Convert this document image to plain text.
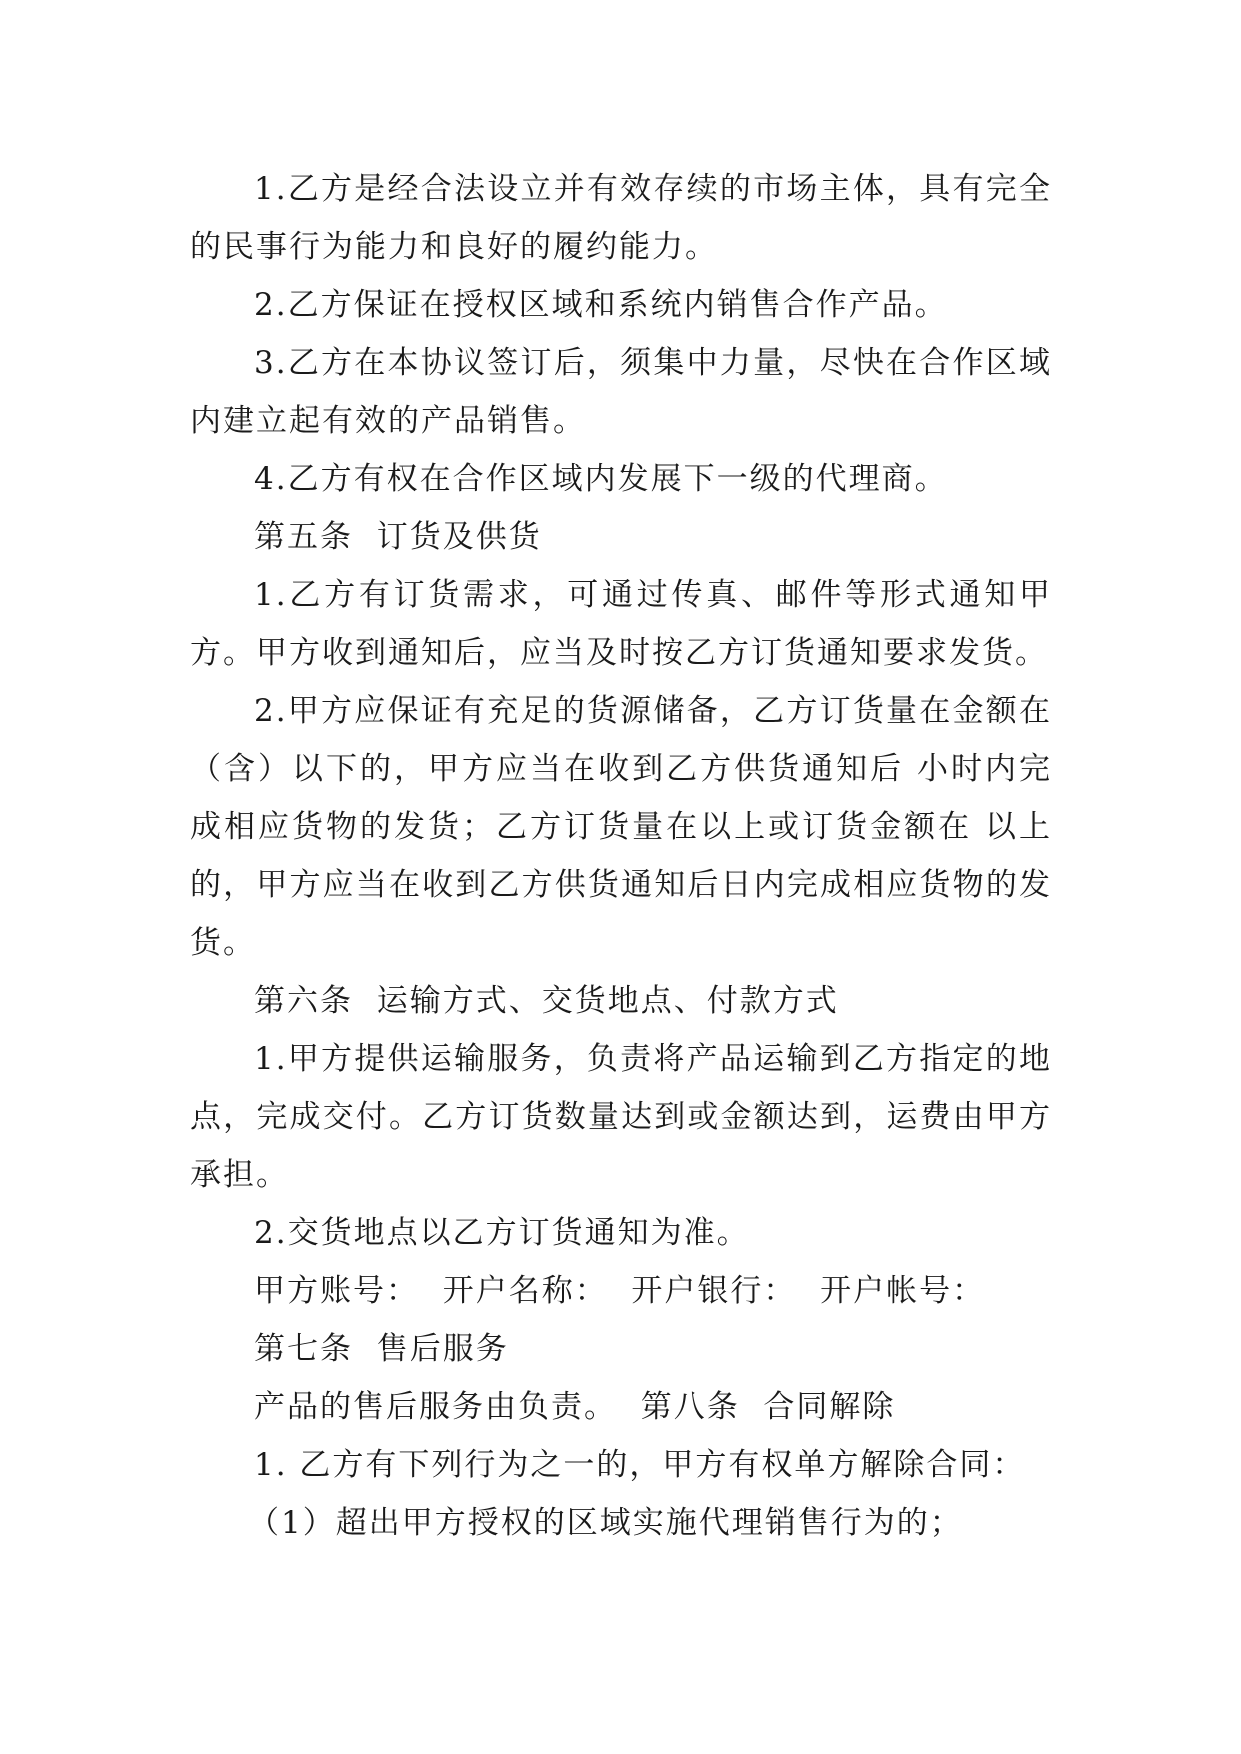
1.乙方是经合法设立并有效存续的市场主体，具有完全的民事行为能力和良好的履约能力。

2.乙方保证在授权区域和系统内销售合作产品。

3.乙方在本协议签订后，须集中力量，尽快在合作区域内建立起有效的产品销售。

4.乙方有权在合作区域内发展下一级的代理商。

第五条  订货及供货

1.乙方有订货需求，可通过传真、邮件等形式通知甲方。甲方收到通知后，应当及时按乙方订货通知要求发货。

2.甲方应保证有充足的货源储备，乙方订货量在金额在（含）以下的，甲方应当在收到乙方供货通知后 小时内完成相应货物的发货；乙方订货量在以上或订货金额在 以上的，甲方应当在收到乙方供货通知后日内完成相应货物的发货。

第六条  运输方式、交货地点、付款方式

1.甲方提供运输服务，负责将产品运输到乙方指定的地点，完成交付。乙方订货数量达到或金额达到，运费由甲方承担。

2.交货地点以乙方订货通知为准。

甲方账号：  开户名称：  开户银行：  开户帐号：

第七条  售后服务

产品的售后服务由负责。  第八条  合同解除

1. 乙方有下列行为之一的，甲方有权单方解除合同：

（1）超出甲方授权的区域实施代理销售行为的；
